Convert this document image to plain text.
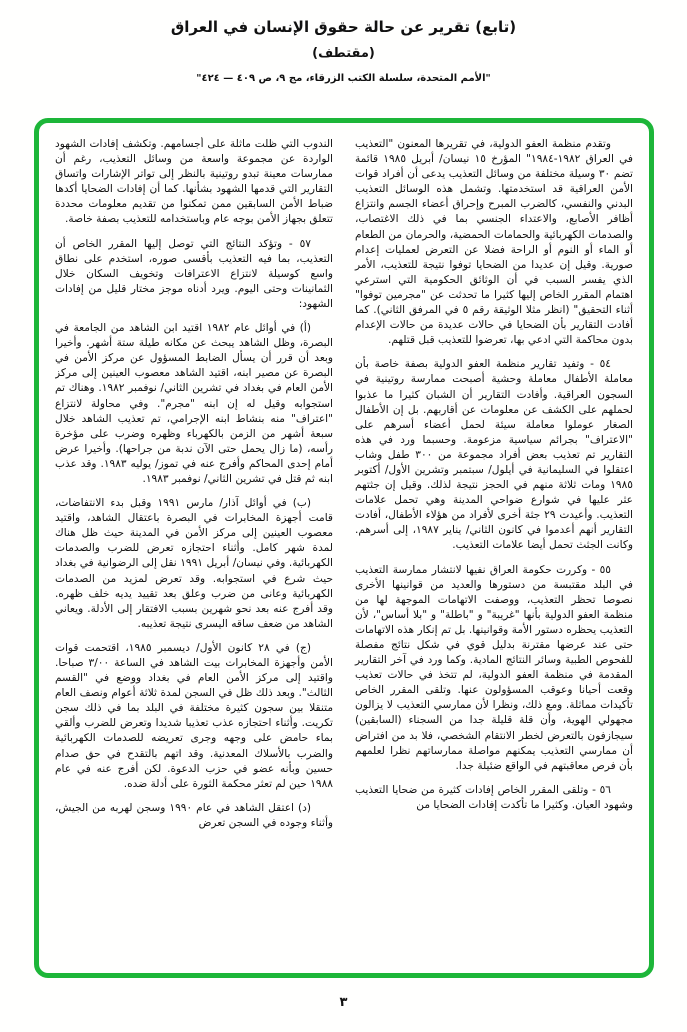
(تابع) تقرير عن حالة حقوق الإنسان في العراق
(مقتطف)
"الأمم المتحدة، سلسلة الكتب الزرقاء، مج ٩، ص ٤٠٩ — ٤٢٤"

وتقدم منظمة العفو الدولية، في تقريرها المعنون "التعذيب في العراق ١٩٨٢-١٩٨٤" المؤرخ ١٥ نيسان/ أبريل ١٩٨٥ قائمة تضم ٣٠ وسيلة مختلفة من وسائل التعذيب يدعى أن أفراد قوات الأمن العراقية قد استخدمتها. وتشمل هذه الوسائل التعذيب البدني والنفسي، كالضرب المبرح وإحراق أعضاء الجسم وانتزاع أظافر الأصابع، والاعتداء الجنسي بما في ذلك الاغتصاب، والصدمات الكهربائية والحمامات الحمضية، والحرمان من الطعام أو الماء أو النوم أو الراحة فضلا عن التعرض لعمليات إعدام صورية. وقيل إن عديدا من الضحايا توفوا نتيجة للتعذيب، الأمر الذي يفسر السبب في أن الوثائق الحكومية التي استرعي اهتمام المقرر الخاص إليها كثيرا ما تحدثت عن "مجرمين توفوا" أثناء التحقيق" (انظر مثلا الوثيقة رقم ٥ في المرفق الثاني). كما أفادت التقارير بأن الضحايا في حالات عديدة من حالات الإعدام بدون محاكمة التي ادعي بها، تعرضوا للتعذيب قبل قتلهم.

٥٤ - وتفيد تقارير منظمة العفو الدولية بصفة خاصة بأن معاملة الأطفال معاملة وحشية أصبحت ممارسة روتينية في السجون العراقية. وأفادت التقارير أن الشبان كثيرا ما عذبوا لحملهم على الكشف عن معلومات عن أقاربهم. بل إن الأطفال الصغار عوملوا معاملة سيئة لحمل أعضاء أسرهم على "الاعتراف" بجرائم سياسية مزعومة. وحسبما ورد في هذه التقارير تم تعذيب بعض أفراد مجموعة من ٣٠٠ طفل وشاب اعتقلوا في السليمانية في أيلول/ سبتمبر وتشرين الأول/ أكتوبر ١٩٨٥ ومات ثلاثة منهم في الحجز نتيجة لذلك. وقيل إن جثتهم عثر عليها في شوارع ضواحي المدينة وهي تحمل علامات التعذيب. وأعيدت ٢٩ جثة أخرى لأفراد من هؤلاء الأطفال، أفادت التقارير أنهم أعدموا في كانون الثاني/ يناير ١٩٨٧، إلى أسرهم. وكانت الجثث تحمل أيضا علامات التعذيب.

٥٥ - وكررت حكومة العراق نفيها لانتشار ممارسة التعذيب في البلد مقتبسة من دستورها والعديد من قوانينها الأخرى نصوصا تحظر التعذيب، ووصفت الاتهامات الموجهة لها من منظمة العفو الدولية بأنها "غريبة" و "باطلة" و "بلا أساس"، لأن التعذيب يحظره دستور الأمة وقوانينها. بل تم إنكار هذه الاتهامات حتى عند عرضها مقترنة بدليل قوي في شكل نتائج مفصلة للفحوص الطبية وسائر النتائج المادية. وكما ورد في آخر التقارير المقدمة في منظمة العفو الدولية، لم تتخذ في حالات تعذيب وقعت أحيانا وعوقب المسؤولون عنها. وتلقى المقرر الخاص تأكيدات مماثلة. ومع ذلك، ونظرا لأن ممارسي التعذيب لا يزالون مجهولي الهوية، وأن قلة قليلة جدا من السجناء (السابقين) سيجازفون بالتعرض لخطر الانتقام الشخصي، فلا بد من افتراض أن ممارسي التعذيب يمكنهم مواصلة ممارساتهم نظرا لعلمهم بأن فرص معاقبتهم في الواقع ضئيلة جدا.

٥٦ - وتلقى المقرر الخاص إفادات كثيرة من ضحايا التعذيب وشهود العيان. وكثيرا ما تأكدت إفادات الضحايا من

الندوب التي ظلت ماثلة على أجسامهم. وتكشف إفادات الشهود الواردة عن مجموعة واسعة من وسائل التعذيب، رغم أن ممارسات معينة تبدو روتينية بالنظر إلى تواتر الإشارات واتساق التقارير التي قدمها الشهود بشأنها. كما أن إفادات الضحايا أكدها ضباط الأمن السابقين ممن تمكنوا من تقديم معلومات محددة تتعلق بجهاز الأمن بوجه عام وباستخدامه للتعذيب بصفة خاصة.

٥٧ - وتؤكد النتائج التي توصل إليها المقرر الخاص أن التعذيب، بما فيه التعذيب بأقسى صوره، استخدم على نطاق واسع كوسيلة لانتزاع الاعترافات وتخويف السكان خلال الثمانينات وحتى اليوم. ويرد أدناه موجز مختار قليل من إفادات الشهود:

(أ) في أوائل عام ١٩٨٢ اقتيد ابن الشاهد من الجامعة في البصرة، وظل الشاهد يبحث عن مكانه طيلة ستة أشهر. وأخيرا وبعد أن قرر أن يسأل الضابط المسؤول عن مركز الأمن في البصرة عن مصير ابنه، اقتيد الشاهد معصوب العينين إلى مركز الأمن العام في بغداد في تشرين الثاني/ نوفمبر ١٩٨٢. وهناك تم استجوابه وقيل له إن ابنه "مجرم". وفي محاولة لانتزاع "اعتراف" منه بنشاط ابنه الإجرامي، تم تعذيب الشاهد خلال سبعة أشهر من الزمن بالكهرباء وظهره وضرب على مؤخرة رأسه، (ما زال يحمل حتى الآن ندبة من جراحها). وأخيرا عرض أمام إحدى المحاكم وأفرج عنه في تموز/ يوليه ١٩٨٣. وقد عذب ابنه ثم قتل في تشرين الثاني/ نوفمبر ١٩٨٣.

(ب) في أوائل آذار/ مارس ١٩٩١ وقبل بدء الانتفاضات، قامت أجهزة المخابرات في البصرة باعتقال الشاهد، واقتيد معصوب العينين إلى مركز الأمن في المدينة حيث ظل هناك لمدة شهر كامل. وأثناء احتجازه تعرض للضرب والصدمات الكهربائية. وفي نيسان/ أبريل ١٩٩١ نقل إلى الرضوانية في بغداد حيث شرع في استجوابه. وقد تعرض لمزيد من الصدمات الكهربائية وعانى من ضرب وعلق بعد تقييد يديه خلف ظهره. وقد أفرج عنه بعد نحو شهرين بسبب الافتقار إلى الأدلة. ويعاني الشاهد من ضعف ساقه اليسرى نتيجة تعذيبه.

(ج) في ٢٨ كانون الأول/ ديسمبر ١٩٨٥، اقتحمت قوات الأمن وأجهزة المخابرات بيت الشاهد في الساعة ٣/٠٠ صباحا. واقتيد إلى مركز الأمن العام في بغداد ووضع في "القسم الثالث". وبعد ذلك ظل في السجن لمدة ثلاثة أعوام ونصف العام متنقلا بين سجون كثيرة مختلفة في البلد بما في ذلك سجن تكريت. وأثناء احتجازه عذب تعذيبا شديدا وتعرض للضرب وألقي بماء حامض على وجهه وجرى تعريضه للصدمات الكهربائية والضرب بالأسلاك المعدنية. وقد اتهم بالتقدح في حق صدام حسين وبأنه عضو في حزب الدعوة. لكن أفرج عنه في عام ١٩٨٨ حين لم تعثر محكمة الثورة على أدلة ضده.

(د) اعتقل الشاهد في عام ١٩٩٠ وسجن لهربه من الجيش، وأثناء وجوده في السجن تعرض

٣
